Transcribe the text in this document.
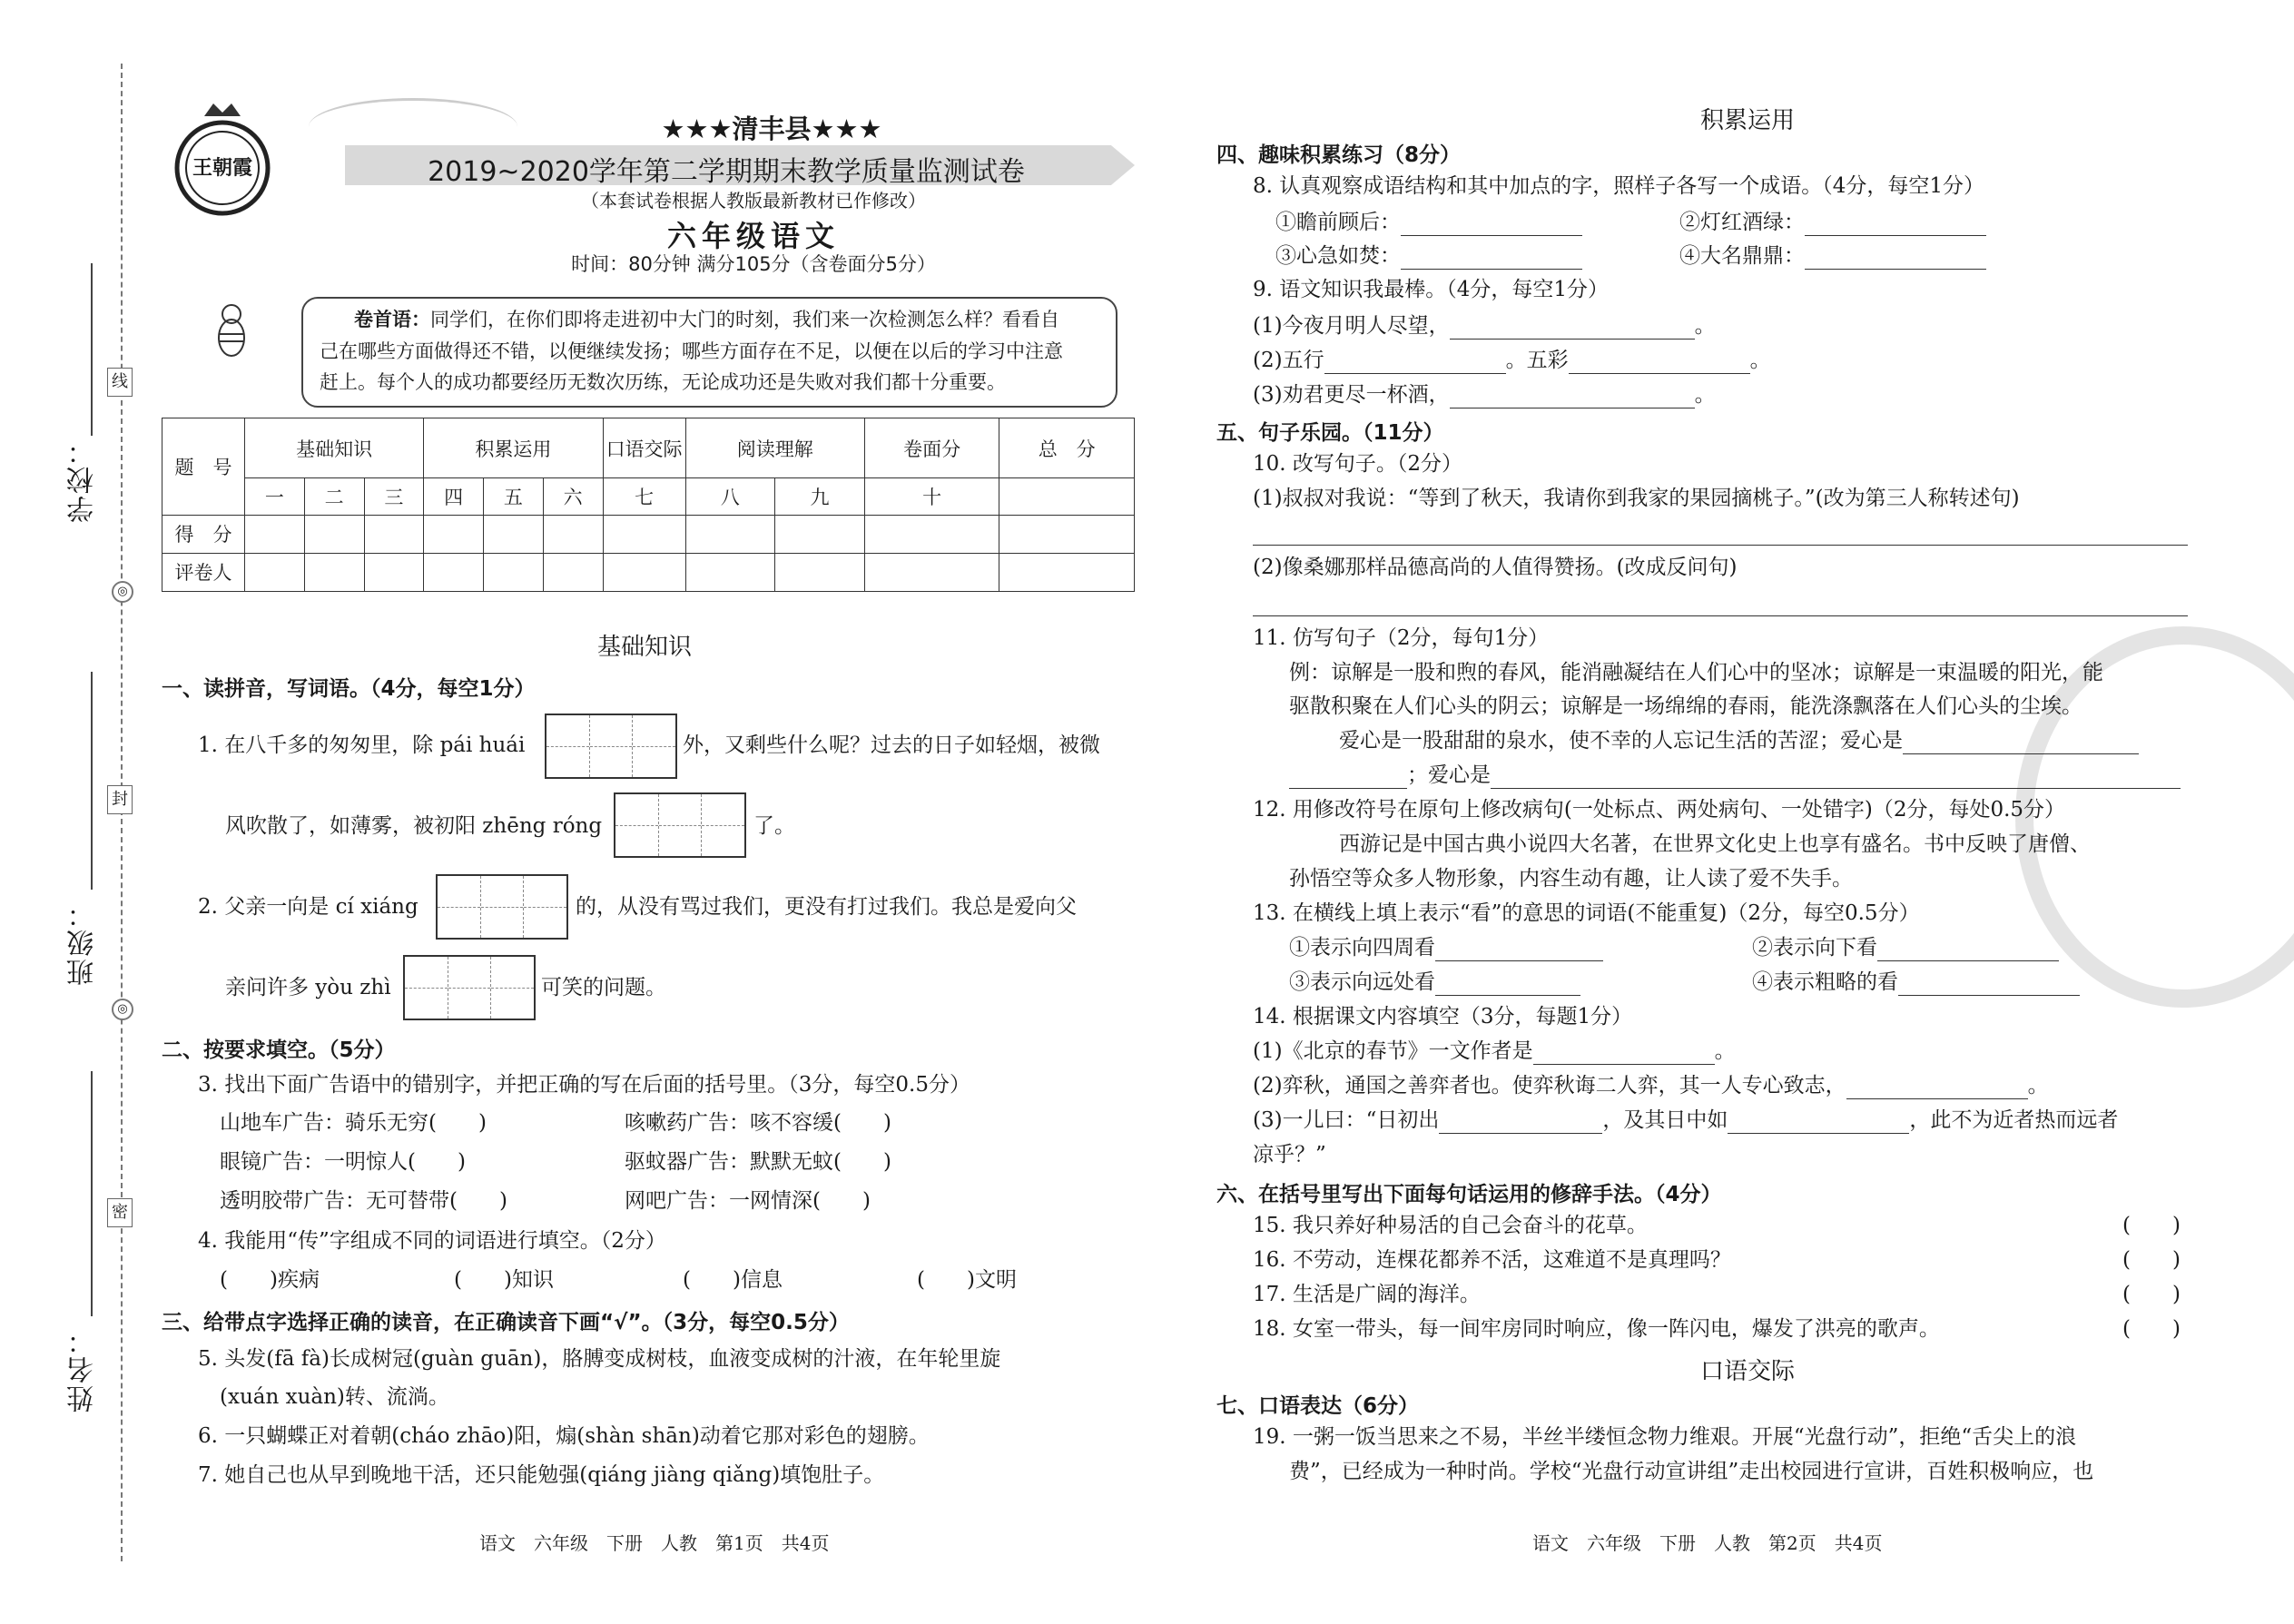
学校：
班级：
姓名：
线
封
密
◎
◎
王朝霞
★★★清丰县★★★
2019~2020学年第二学期期末教学质量监测试卷
（本套试卷根据人教版最新教材已作修改）
六年级语文
时间：80分钟 满分105分（含卷面分5分）
卷首语：同学们，在你们即将走进初中大门的时刻，我们来一次检测怎么样？看看自
己在哪些方面做得还不错，以便继续发扬；哪些方面存在不足，以便在以后的学习中注意
赶上。每个人的成功都要经历无数次历练，无论成功还是失败对我们都十分重要。
题　号	基础知识			积累运用			口语交际	阅读理解		卷面分	总　分
	一	二	三	四	五	六	七	八	九	十	
得　分											
评卷人											
基础知识
一、读拼音，写词语。（4分，每空1分）
1. 在八千多的匆匆里，除 pái huái	外，又剩些什么呢？过去的日子如轻烟，被微
风吹散了，如薄雾，被初阳 zhēng róng	了。
2. 父亲一向是 cí xiáng	的，从没有骂过我们，更没有打过我们。我总是爱向父
亲问许多 yòu zhì	可笑的问题。
二、按要求填空。（5分）
3. 找出下面广告语中的错别字，并把正确的写在后面的括号里。（3分，每空0.5分）
山地车广告：骑乐无穷(　　)	咳嗽药广告：咳不容缓(　　)
眼镜广告：一明惊人(　　)	驱蚊器广告：默默无蚊(　　)
透明胶带广告：无可替带(　　)	网吧广告：一网情深(　　)
4. 我能用“传”字组成不同的词语进行填空。（2分）
(　　)疾病	(　　)知识	(　　)信息	(　　)文明
三、给带点字选择正确的读音，在正确读音下画“√”。（3分，每空0.5分）
5. 头发(fā fà)长成树冠(guàn guān)，胳膊变成树枝，血液变成树的汁液，在年轮里旋
(xuán xuàn)转、流淌。
6. 一只蝴蝶正对着朝(cháo zhāo)阳，煽(shàn shān)动着它那对彩色的翅膀。
7. 她自己也从早到晚地干活，还只能勉强(qiáng jiàng qiǎng)填饱肚子。
语文　六年级　下册　人教　第1页　共4页
积累运用
四、趣味积累练习（8分）
8. 认真观察成语结构和其中加点的字，照样子各写一个成语。（4分，每空1分）
①瞻前顾后：	②灯红酒绿：
③心急如焚：	④大名鼎鼎：
9. 语文知识我最棒。（4分，每空1分）
(1)今夜月明人尽望，	。
(2)五行	。五彩	。
(3)劝君更尽一杯酒，	。
五、句子乐园。（11分）
10. 改写句子。（2分）
(1)叔叔对我说：“等到了秋天，我请你到我家的果园摘桃子。”(改为第三人称转述句)
(2)像桑娜那样品德高尚的人值得赞扬。(改成反问句)
11. 仿写句子（2分，每句1分）
例：谅解是一股和煦的春风，能消融凝结在人们心中的坚冰；谅解是一束温暖的阳光，能
驱散积聚在人们心头的阴云；谅解是一场绵绵的春雨，能洗涤飘落在人们心头的尘埃。
爱心是一股甜甜的泉水，使不幸的人忘记生活的苦涩；爱心是
；爱心是
12. 用修改符号在原句上修改病句(一处标点、两处病句、一处错字)（2分，每处0.5分）
西游记是中国古典小说四大名著，在世界文化史上也享有盛名。书中反映了唐僧、
孙悟空等众多人物形象，内容生动有趣，让人读了爱不失手。
13. 在横线上填上表示“看”的意思的词语(不能重复)（2分，每空0.5分）
①表示向四周看	②表示向下看
③表示向远处看	④表示粗略的看
14. 根据课文内容填空（3分，每题1分）
(1)《北京的春节》一文作者是	。
(2)弈秋，通国之善弈者也。使弈秋诲二人弈，其一人专心致志，	。
(3)一儿曰：“日初出	，及其日中如	，此不为近者热而远者
凉乎？”
六、在括号里写出下面每句话运用的修辞手法。（4分）
15. 我只养好种易活的自己会奋斗的花草。	(　　)
16. 不劳动，连棵花都养不活，这难道不是真理吗？	(　　)
17. 生活是广阔的海洋。	(　　)
18. 女室一带头，每一间牢房同时响应，像一阵闪电，爆发了洪亮的歌声。	(　　)
口语交际
七、口语表达（6分）
19. 一粥一饭当思来之不易，半丝半缕恒念物力维艰。开展“光盘行动”，拒绝“舌尖上的浪
费”，已经成为一种时尚。学校“光盘行动宣讲组”走出校园进行宣讲，百姓积极响应，也
语文　六年级　下册　人教　第2页　共4页
